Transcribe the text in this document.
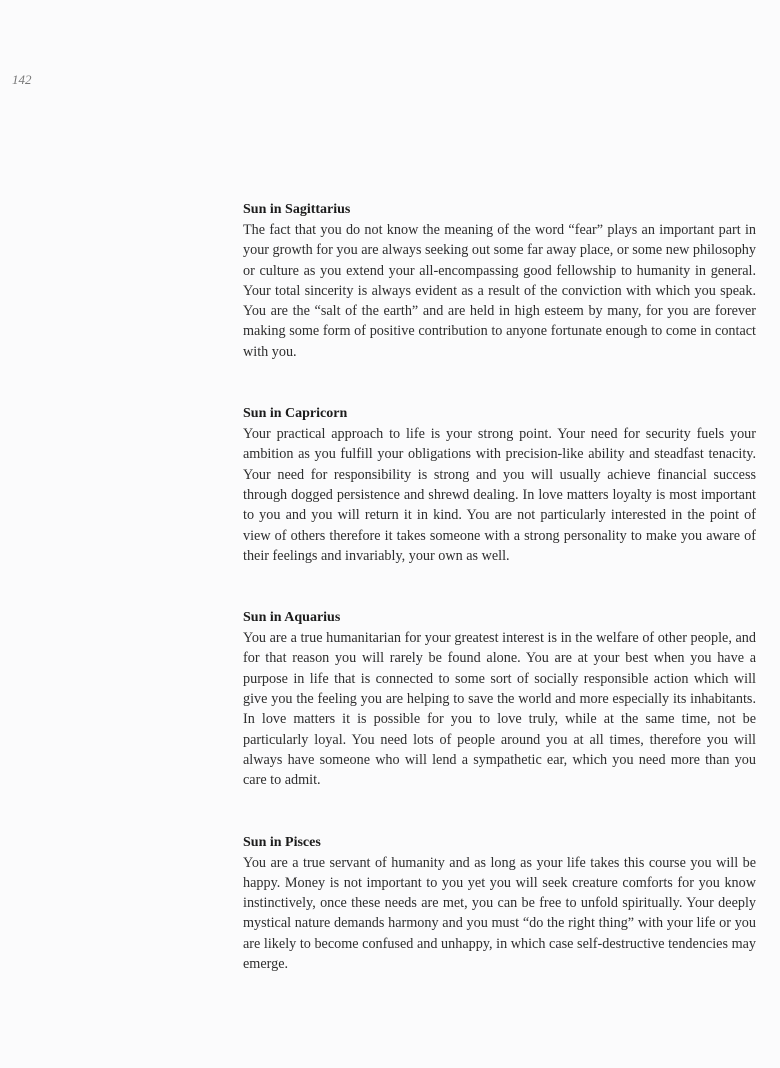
142

Sun in Sagittarius

The fact that you do not know the meaning of the word “fear” plays an important part in your growth for you are always seeking out some far away place, or some new philosophy or culture as you extend your all-encompassing good fellowship to humanity in general. Your total sincerity is always evident as a result of the conviction with which you speak. You are the “salt of the earth” and are held in high esteem by many, for you are forever making some form of positive contribution to anyone fortunate enough to come in contact with you.

Sun in Capricorn

Your practical approach to life is your strong point. Your need for security fuels your ambition as you fulfill your obligations with precision-like ability and steadfast tenacity. Your need for responsibility is strong and you will usually achieve financial success through dogged persistence and shrewd dealing. In love matters loyalty is most important to you and you will return it in kind. You are not particularly interested in the point of view of others therefore it takes someone with a strong personality to make you aware of their feelings and invariably, your own as well.

Sun in Aquarius

You are a true humanitarian for your greatest interest is in the welfare of other people, and for that reason you will rarely be found alone. You are at your best when you have a purpose in life that is connected to some sort of socially responsible action which will give you the feeling you are helping to save the world and more especially its inhabitants. In love matters it is possible for you to love truly, while at the same time, not be particularly loyal. You need lots of people around you at all times, therefore you will always have someone who will lend a sympathetic ear, which you need more than you care to admit.

Sun in Pisces

You are a true servant of humanity and as long as your life takes this course you will be happy. Money is not important to you yet you will seek creature comforts for you know instinctively, once these needs are met, you can be free to unfold spiritually. Your deeply mystical nature demands harmony and you must “do the right thing” with your life or you are likely to become confused and unhappy, in which case self-destructive tendencies may emerge.
